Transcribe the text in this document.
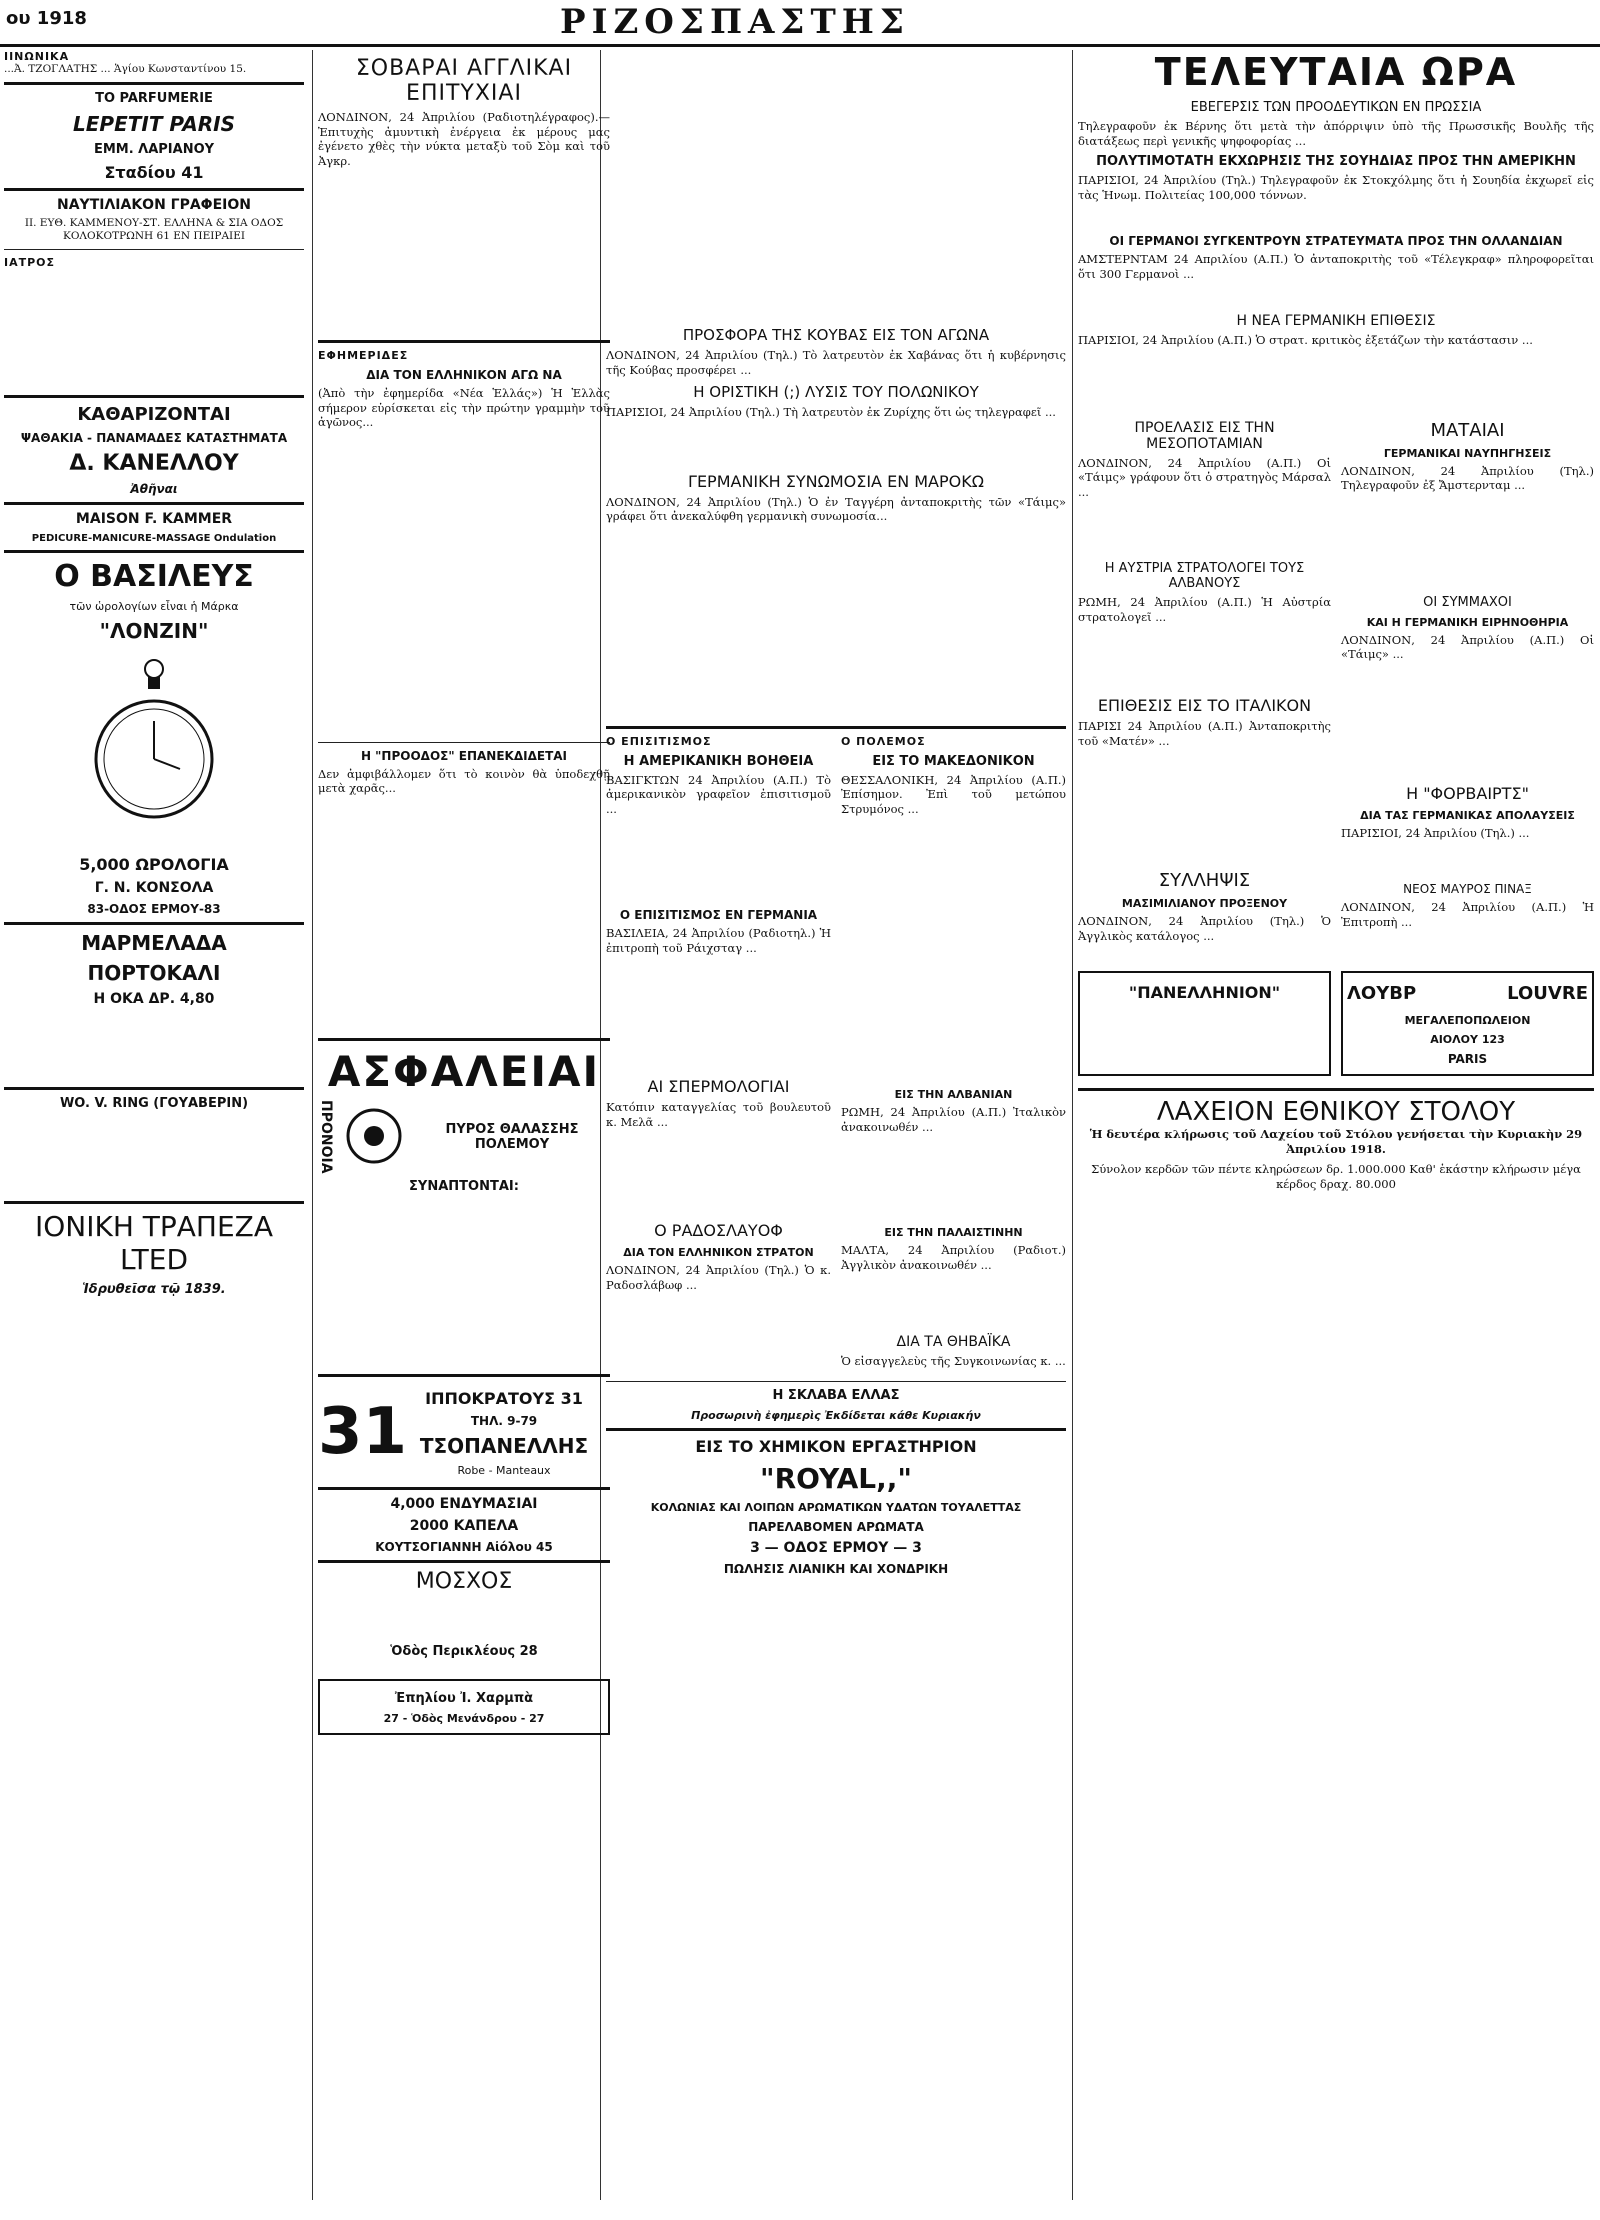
ου 1918	ΡΙΖΟΣΠΑΣΤΗΣ
ΙΙΝΩΝΙΚΑ

...Ἀ. ΤΖΟΓΛΑΤΗΣ ... Ἁγίου Κωνσταντίνου 15.

ΤΟ PARFUMERIE
LEPETIT PARIS
ΕΜΜ. ΛΑΡΙΑΝΟΥ
Σταδίου 41
ΝΑΥΤΙΛΙΑΚΟΝ ΓΡΑΦΕΙΟΝ

ΙΙ. ΕΥΘ. ΚΑΜΜΕΝΟΥ-ΣΤ. ΕΛΛΗΝΑ & ΣΙΑ ΟΔΟΣ ΚΟΛΟΚΟΤΡΩΝΗ 61 ΕΝ ΠΕΙΡΑΙΕΙ

ΙΑΤΡΟΣ
ΚΑΘΑΡΙΖΟΝΤΑΙ
ΨΑΘΑΚΙΑ - ΠΑΝΑΜΑΔΕΣ ΚΑΤΑΣΤΗΜΑΤΑ
Δ. ΚΑΝΕΛΛΟΥ
Ἀθῆναι
MAISON F. KAMMER
PEDICURE-MANICURE-MASSAGE Ondulation
Ο ΒΑΣΙΛΕΥΣ
τῶν ὡρολογίων εἶναι ἡ Μάρκα
"ΛΟΝΖΙΝ"
5,000 ΩΡΟΛΟΓΙΑ
Γ. Ν. ΚΟΝΣΟΛΑ
83-ΟΔΟΣ ΕΡΜΟΥ-83
ΜΑΡΜΕΛΑΔΑ
ΠΟΡΤΟΚΑΛΙ
Η ΟΚΑ ΔΡ. 4,80
WO. V. RING (ΓΟΥΑΒΕΡΙΝ)
ΙΟΝΙΚΗ ΤΡΑΠΕΖΑ LTED
Ἱδρυθεῖσα τῷ 1839.
ΣΟΒΑΡΑΙ ΑΓΓΛΙΚΑΙ ΕΠΙΤΥΧΙΑΙ

ΛΟΝΔΙΝΟΝ, 24 Ἀπριλίου (Ραδιοτηλέγραφος).—Ἐπιτυχὴς ἀμυντικὴ ἐνέργεια ἐκ μέρους μας ἐγένετο χθὲς τὴν νύκτα μεταξὺ τοῦ Σὸμ καὶ τοῦ Ἀγκρ.

ΕΦΗΜΕΡΙΔΕΣ
ΔΙΑ ΤΟΝ ΕΛΛΗΝΙΚΟΝ ΑΓΩ ΝΑ

(Ἀπὸ τὴν ἐφημερίδα «Νέα Ἑλλάς») Ἡ Ἑλλὰς σήμερον εὑρίσκεται εἰς τὴν πρώτην γραμμὴν τοῦ ἀγῶνος...

Η "ΠΡΟΟΔΟΣ" ΕΠΑΝΕΚΔΙΔΕΤΑΙ

Δεν ἀμφιβάλλομεν ὅτι τὸ κοινὸν θὰ ὑποδεχθῇ μετὰ χαρᾶς...

ΑΣΦΑΛΕΙΑΙ
ΠΡΟΝΟΙΑ	ΠΥΡΟΣ ΘΑΛΑΣΣΗΣ ΠΟΛΕΜΟΥ
ΣΥΝΑΠΤΟΝΤΑΙ:
31	ΙΠΠΟΚΡΑΤΟΥΣ 31
ΤΗΛ. 9-79
ΤΣΟΠΑΝΕΛΛΗΣ
Robe - Manteaux
4,000 ΕΝΔΥΜΑΣΙΑΙ
2000 ΚΑΠΕΛΑ
ΚΟΥΤΣΟΓΙΑΝΝΗ Αἰόλου 45
ΜΟΣΧΟΣ
Ὁδὸς Περικλέους 28
Ἐπηλίου Ἰ. Χαρμπὰ
27 - Ὁδὸς Μενάνδρου - 27
ΠΡΟΣΦΟΡΑ ΤΗΣ ΚΟΥΒΑΣ ΕΙΣ ΤΟΝ ΑΓΩΝΑ

ΛΟΝΔΙΝΟΝ, 24 Ἀπριλίου (Τηλ.) Τὸ λατρευτὸν ἐκ Χαβάνας ὅτι ἡ κυβέρνησις τῆς Κούβας προσφέρει ...

Η ΟΡΙΣΤΙΚΗ (;) ΛΥΣΙΣ ΤΟΥ ΠΟΛΩΝΙΚΟΥ

ΠΑΡΙΣΙΟΙ, 24 Ἀπριλίου (Τηλ.) Τὴ λατρευτὸν ἐκ Ζυρίχης ὅτι ὡς τηλεγραφεῖ ...

ΓΕΡΜΑΝΙΚΗ ΣΥΝΩΜΟΣΙΑ ΕΝ ΜΑΡΟΚΩ

ΛΟΝΔΙΝΟΝ, 24 Ἀπριλίου (Τηλ.) Ὁ ἐν Ταγγέρη ἀνταποκριτὴς τῶν «Τάιμς» γράφει ὅτι ἀνεκαλύφθη γερμανικὴ συνωμοσία...

Ο ΕΠΙΣΙΤΙΣΜΟΣ
Η ΑΜΕΡΙΚΑΝΙΚΗ ΒΟΗΘΕΙΑ

ΒΑΣΙΓΚΤΩΝ 24 Ἀπριλίου (Α.Π.) Τὸ ἀμερικανικὸν γραφεῖον ἐπισιτισμοῦ ...

Ο ΕΠΙΣΙΤΙΣΜΟΣ ΕΝ ΓΕΡΜΑΝΙΑ

ΒΑΣΙΛΕΙΑ, 24 Ἀπριλίου (Ραδιοτηλ.) Ἡ ἐπιτροπὴ τοῦ Ράιχσταγ ...

ΑΙ ΣΠΕΡΜΟΛΟΓΙΑΙ

Κατόπιν καταγγελίας τοῦ βουλευτοῦ κ. Μελᾶ ...

Ο ΡΑΔΟΣΛΑΥΟΦ
ΔΙΑ ΤΟΝ ΕΛΛΗΝΙΚΟΝ ΣΤΡΑΤΟΝ

ΛΟΝΔΙΝΟΝ, 24 Ἀπριλίου (Τηλ.) Ὁ κ. Ραδοσλάβωφ ...

Ο ΠΟΛΕΜΟΣ
ΕΙΣ ΤΟ ΜΑΚΕΔΟΝΙΚΟΝ

ΘΕΣΣΑΛΟΝΙΚΗ, 24 Ἀπριλίου (Α.Π.) Ἐπίσημον. Ἐπὶ τοῦ μετώπου Στρυμόνος ...

ΕΙΣ ΤΗΝ ΑΛΒΑΝΙΑΝ

ΡΩΜΗ, 24 Ἀπριλίου (Α.Π.) Ἰταλικὸν ἀνακοινωθέν ...

ΕΙΣ ΤΗΝ ΠΑΛΑΙΣΤΙΝΗΝ

ΜΑΛΤΑ, 24 Ἀπριλίου (Ραδιοτ.) Ἀγγλικὸν ἀνακοινωθέν ...

ΔΙΑ ΤΑ ΘΗΒΑΪΚΑ

Ὁ εἰσαγγελεὺς τῆς Συγκοινωνίας κ. ...

Η ΣΚΛΑΒΑ ΕΛΛΑΣ
Προσωρινὴ ἐφημερὶς Ἐκδίδεται κάθε Κυριακήν
ΕΙΣ ΤΟ ΧΗΜΙΚΟΝ ΕΡΓΑΣΤΗΡΙΟΝ
"ROYAL,,"
ΚΟΛΩΝΙΑΣ ΚΑΙ ΛΟΙΠΩΝ ΑΡΩΜΑΤΙΚΩΝ ΥΔΑΤΩΝ ΤΟΥΑΛΕΤΤΑΣ
ΠΑΡΕΛΑΒΟΜΕΝ ΑΡΩΜΑΤΑ
3 — ΟΔΟΣ ΕΡΜΟΥ — 3
ΠΩΛΗΣΙΣ ΛΙΑΝΙΚΗ ΚΑΙ ΧΟΝΔΡΙΚΗ
ΤΕΛΕΥΤΑΙΑ ΩΡΑ
ΕΒΕΓΕΡΣΙΣ ΤΩΝ ΠΡΟΟΔΕΥΤΙΚΩΝ ΕΝ ΠΡΩΣΣΙΑ

Τηλεγραφοῦν ἐκ Βέρνης ὅτι μετὰ τὴν ἀπόρριψιν ὑπὸ τῆς Πρωσσικῆς Βουλῆς τῆς διατάξεως περὶ γενικῆς ψηφοφορίας ...

ΠΟΛΥΤΙΜΟΤΑΤΗ ΕΚΧΩΡΗΣΙΣ ΤΗΣ ΣΟΥΗΔΙΑΣ ΠΡΟΣ ΤΗΝ ΑΜΕΡΙΚΗΝ

ΠΑΡΙΣΙΟΙ, 24 Ἀπριλίου (Τηλ.) Τηλεγραφοῦν ἐκ Στοκχόλμης ὅτι ἡ Σουηδία ἐκχωρεῖ εἰς τὰς Ἡνωμ. Πολιτείας 100,000 τόννων.

ΟΙ ΓΕΡΜΑΝΟΙ ΣΥΓΚΕΝΤΡΟΥΝ ΣΤΡΑΤΕΥΜΑΤΑ ΠΡΟΣ ΤΗΝ ΟΛΛΑΝΔΙΑΝ

ΑΜΣΤΕΡΝΤΑΜ 24 Απριλίου (Α.Π.) Ὁ ἀνταποκριτὴς τοῦ «Τέλεγκραφ» πληροφορεῖται ὅτι 300 Γερμανοὶ ...

Η ΝΕΑ ΓΕΡΜΑΝΙΚΗ ΕΠΙΘΕΣΙΣ

ΠΑΡΙΣΙΟΙ, 24 Ἀπριλίου (Α.Π.) Ὁ στρατ. κριτικὸς ἐξετάζων τὴν κατάστασιν ...

ΠΡΟΕΛΑΣΙΣ ΕΙΣ ΤΗΝ ΜΕΣΟΠΟΤΑΜΙΑΝ

ΛΟΝΔΙΝΟΝ, 24 Ἀπριλίου (Α.Π.) Οἱ «Τάιμς» γράφουν ὅτι ὁ στρατηγὸς Μάρσαλ ...

Η ΑΥΣΤΡΙΑ ΣΤΡΑΤΟΛΟΓΕΙ ΤΟΥΣ ΑΛΒΑΝΟΥΣ

ΡΩΜΗ, 24 Ἀπριλίου (Α.Π.) Ἡ Αὐστρία στρατολογεῖ ...

ΕΠΙΘΕΣΙΣ ΕΙΣ ΤΟ ΙΤΑΛΙΚΟΝ

ΠΑΡΙΣΙ 24 Ἀπριλίου (Α.Π.) Ἀνταποκριτὴς τοῦ «Ματέν» ...

ΣΥΛΛΗΨΙΣ
ΜΑΣΙΜΙΛΙΑΝΟΥ ΠΡΟΞΕΝΟΥ

ΛΟΝΔΙΝΟΝ, 24 Ἀπριλίου (Τηλ.) Ὁ Ἀγγλικὸς κατάλογος ...

ΜΑΤΑΙΑΙ
ΓΕΡΜΑΝΙΚΑΙ ΝΑΥΠΗΓΗΣΕΙΣ

ΛΟΝΔΙΝΟΝ, 24 Ἀπριλίου (Τηλ.) Τηλεγραφοῦν ἐξ Ἄμστερνταμ ...

ΟΙ ΣΥΜΜΑΧΟΙ
ΚΑΙ Η ΓΕΡΜΑΝΙΚΗ ΕΙΡΗΝΟΘΗΡΙΑ

ΛΟΝΔΙΝΟΝ, 24 Ἀπριλίου (Α.Π.) Οἱ «Τάιμς» ...

Η "ΦΟΡΒΑΙΡΤΣ"
ΔΙΑ ΤΑΣ ΓΕΡΜΑΝΙΚΑΣ ΑΠΟΛΑΥΣΕΙΣ

ΠΑΡΙΣΙΟΙ, 24 Ἀπριλίου (Τηλ.) ...

ΝΕΟΣ ΜΑΥΡΟΣ ΠΙΝΑΞ

ΛΟΝΔΙΝΟΝ, 24 Ἀπριλίου (Α.Π.) Ἡ Ἐπιτροπὴ ...

"ΠΑΝΕΛΛΗΝΙΟΝ"	ΛΟΥΒΡ	LOUVRE
ΜΕΓΑΛΕΠΟΠΩΛΕΙΟΝ
ΑΙΟΛΟΥ 123
PARIS
ΛΑΧΕΙΟΝ ΕΘΝΙΚΟΥ ΣΤΟΛΟΥ

Ἡ δευτέρα κλήρωσις τοῦ Λαχείου τοῦ Στόλου γενήσεται τὴν Κυριακὴν 29 Ἀπριλίου 1918.

Σύνολον κερδῶν τῶν πέντε κληρώσεων δρ. 1.000.000 Καθ' ἑκάστην κλήρωσιν μέγα κέρδος δραχ. 80.000
